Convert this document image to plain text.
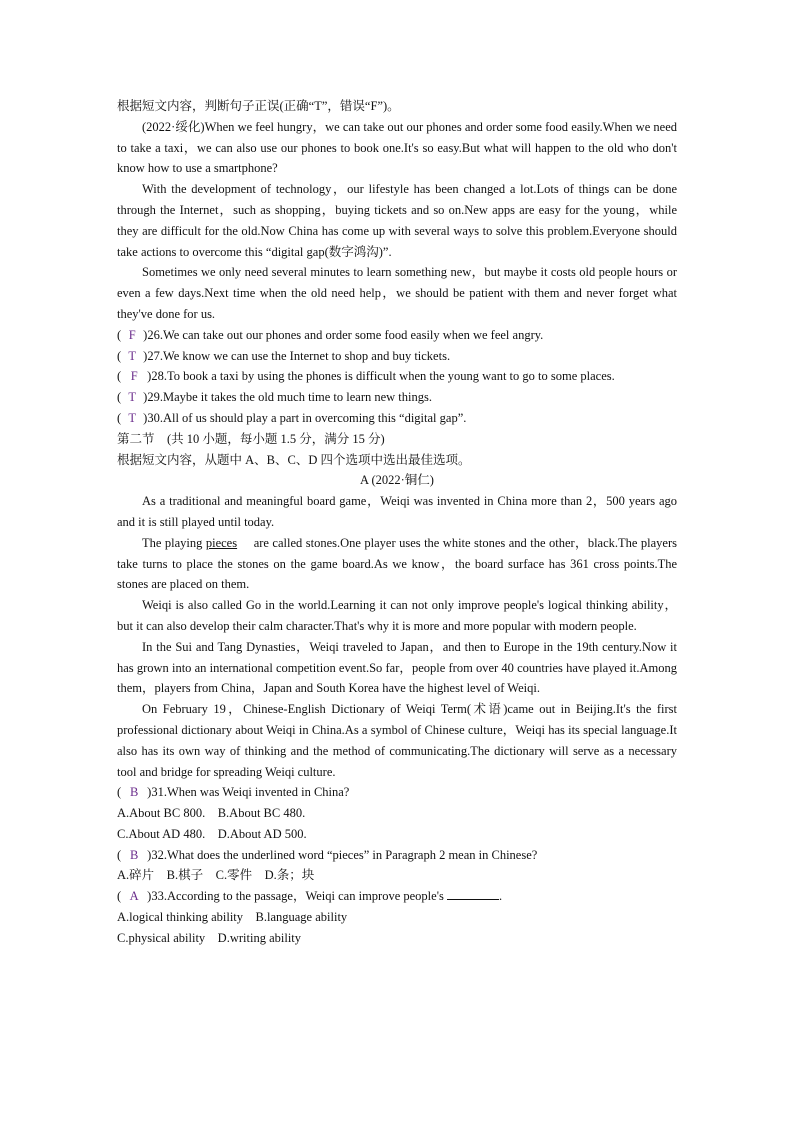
根据短文内容，判断句子正误(正确“T”，错误“F”)。

(2022·绥化)When we feel hungry，we can take out our phones and order some food easily.When we need to take a taxi，we can also use our phones to book one.It's so easy.But what will happen to the old who don't know how to use a smartphone?

With the development of technology，our lifestyle has been changed a lot.Lots of things can be done through the Internet，such as shopping，buying tickets and so on.New apps are easy for the young，while they are difficult for the old.Now China has come up with several ways to solve this problem.Everyone should take actions to overcome this “digital gap(数字鸿沟)”.

Sometimes we only need several minutes to learn something new，but maybe it costs old people hours or even a few days.Next time when the old need help，we should be patient with them and never forget what they've done for us.

( F )26.We can take out our phones and order some food easily when we feel angry.
( T )27.We know we can use the Internet to shop and buy tickets.
( F )28.To book a taxi by using the phones is difficult when the young want to go to some places.
( T )29.Maybe it takes the old much time to learn new things.
( T )30.All of us should play a part in overcoming this “digital gap”.

第二节　(共 10 小题，每小题 1.5 分，满分 15 分)

根据短文内容，从题中 A、B、C、D 四个选项中选出最佳选项。

A (2022·铜仁)

As a traditional and meaningful board game，Weiqi was invented in China more than 2，500 years ago and it is still played until today.

The playing pieces　 are called stones.One player uses the white stones and the other，black.The players take turns to place the stones on the game board.As we know，the board surface has 361 cross points.The stones are placed on them.

Weiqi is also called Go in the world.Learning it can not only improve people's logical thinking ability，but it can also develop their calm character.That's why it is more and more popular with modern people.

In the Sui and Tang Dynasties，Weiqi traveled to Japan，and then to Europe in the 19th century.Now it has grown into an international competition event.So far，people from over 40 countries have played it.Among them，players from China，Japan and South Korea have the highest level of Weiqi.

On February 19，Chinese-English Dictionary of Weiqi Term(术语)came out in Beijing.It's the first professional dictionary about Weiqi in China.As a symbol of Chinese culture，Weiqi has its special language.It also has its own way of thinking and the method of communicating.The dictionary will serve as a necessary tool and bridge for spreading Weiqi culture.

( B )31.When was Weiqi invented in China?

A.About BC 800.　B.About BC 480.

C.About AD 480.　D.About AD 500.

( B )32.What does the underlined word “pieces” in Paragraph 2 mean in Chinese?

A.碎片　B.棋子　C.零件　D.条；块

( A )33.According to the passage，Weiqi can improve people's	.

A.logical thinking ability　B.language ability

C.physical ability　D.writing ability
